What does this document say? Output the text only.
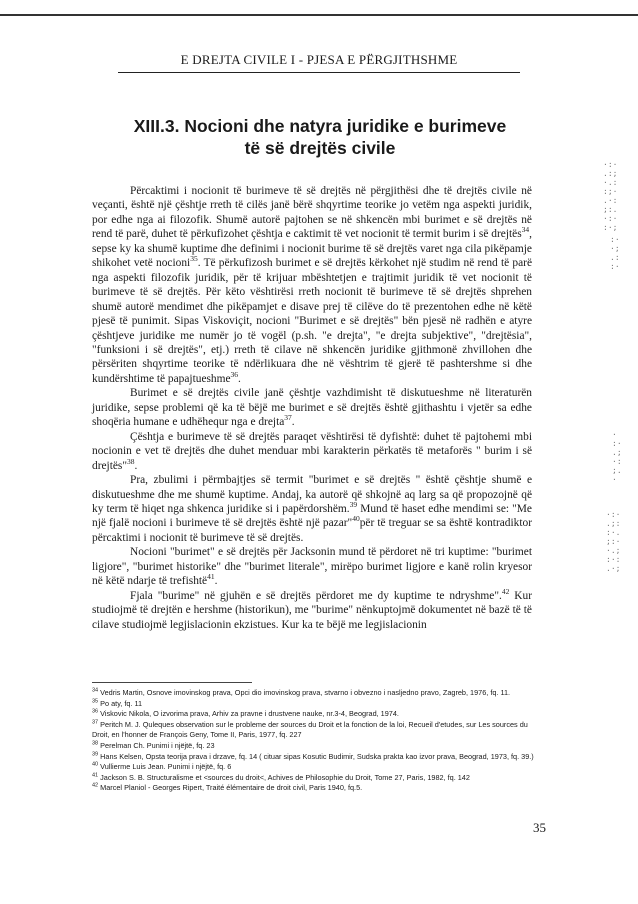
E DREJTA CIVILE I - PJESA E PËRGJITHSHME
XIII.3. Nocioni dhe natyra juridike e burimeve
të së drejtës civile

Përcaktimi i nocionit të burimeve të së drejtës në përgjithësi dhe të drejtës civile në veçanti, është një çështje rreth të cilës janë bërë shqyrtime teorike jo vetëm nga aspekti juridik, por edhe nga ai filozofik. Shumë autorë pajtohen se në shkencën mbi burimet e së drejtës në rend të parë, duhet të përkufizohet çështja e caktimit të vet nocionit të termit burim i së drejtës$^{34}$, sepse ky ka shumë kuptime dhe definimi i nocionit burime të së drejtës varet nga cila pikëpamje shikohet vetë nocioni$^{35}$. Të përkufizosh burimet e së drejtës kërkohet një studim në rend të parë nga aspekti filozofik juridik, për të krijuar mbështetjen e trajtimit juridik të vet nocionit të burimeve të së drejtës. Për këto vështirësi rreth nocionit të burimeve të së drejtës shprehen shumë autorë mendimet dhe pikëpamjet e disave prej të cilëve do të prezentohen edhe në këtë pjesë të punimit. Sipas Viskoviçit, nocioni "Burimet e së drejtës" bën pjesë në radhën e atyre çështjeve juridike me numër jo të vogël (p.sh. "e drejta", "e drejta subjektive", "drejtësia", "funksioni i së drejtës", etj.) rreth të cilave në shkencën juridike gjithmonë zhvillohen dhe përsëriten shqyrtime teorike të ndërlikuara dhe në vështrim të gjerë të pashtershme si dhe kundërshtime të papajtueshme$^{36}$.

Burimet e së drejtës civile janë çështje vazhdimisht të diskutueshme në literaturën juridike, sepse problemi që ka të bëjë me burimet e së drejtës është gjithashtu i vjetër sa edhe shoqëria humane e udhëhequr nga e drejta$^{37}$.

Çështja e burimeve të së drejtës paraqet vështirësi të dyfishtë: duhet të pajtohemi mbi nocionin e vet të drejtës dhe duhet menduar mbi karakterin përkatës të metaforës " burim i së drejtës"$^{38}$.

Pra, zbulimi i përmbajtjes së termit "burimet e së drejtës " është çështje shumë e diskutueshme dhe me shumë kuptime. Andaj, ka autorë që shkojnë aq larg sa që propozojnë që ky term të hiqet nga shkenca juridike si i papërdorshëm.$^{39}$ Mund të haset edhe mendimi se: "Me një fjalë nocioni i burimeve të së drejtës është një pazar"$^{40}$për të treguar se sa është kontradiktor përcaktimi i nocionit të burimeve të së drejtës.

Nocioni "burimet" e së drejtës për Jacksonin mund të përdoret në tri kuptime: "burimet ligjore", "burimet historike" dhe "burimet literale", mirëpo burimet ligjore e kanë rolin kryesor në këtë ndarje të trefishtë$^{41}$.

Fjala "burime" në gjuhën e së drejtës përdoret me dy kuptime te ndryshme".$^{42}$ Kur studiojmë të drejtën e hershme (historikun), me "burime" nënkuptojmë dokumentet në bazë të të cilave studiojmë legjislacionin ekzistues. Kur ka te bëjë me legjislacionin

$^{34}$ Vedris Martin, Osnove imovinskog prava, Opci dio imovinskog prava, stvarno i obvezno i nasljedno pravo, Zagreb, 1976, fq. 11.
$^{35}$ Po aty, fq. 11
$^{36}$ Viskovic Nikola, O izvorima prava, Arhiv za pravne i drustvene nauke, nr.3-4, Beograd, 1974.
$^{37}$ Peritch M. J. Quleques observation sur le probleme der sources du Droit et la fonction de la loi, Recueil d'etudes, sur Les sources du Droit, en l'honner de François Geny, Tome II, Paris, 1977, fq. 227
$^{38}$ Perelman Ch. Punimi i njëjtë, fq. 23
$^{39}$ Hans Kelsen, Opsta teorija prava i drzave, fq. 14 ( cituar sipas Kosutic Budimir, Sudska prakta kao izvor prava, Beograd, 1973, fq. 39.)
$^{40}$ Vullierme Luis Jean. Punimi i njëjtë, fq. 6
$^{41}$ Jackson S. B. Structuralisme et <sources du droit<, Achives de Philosophie du Droit, Tome 27, Paris, 1982, fq. 142
$^{42}$ Marcel Planiol - Georges Ripert, Traité élémentaire de droit civil, Paris 1940, fq.5.
35
·:·
.:;
·.:
:;·
.·:
;:.
·:·
:·;
:·
·;
.:
:·
·
:·
.;
·:
;.
·
·:·
.;:
:·.
;:·
·.;
:·:
.·;
